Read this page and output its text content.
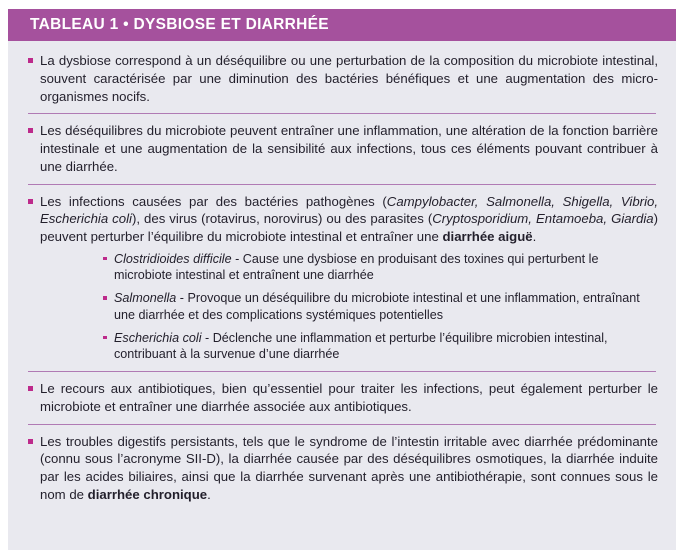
TABLEAU 1 • DYSBIOSE ET DIARRHÉE

La dysbiose correspond à un déséquilibre ou une perturbation de la composition du microbiote intestinal, souvent caractérisée par une diminution des bactéries bénéfiques et une augmentation des micro-organismes nocifs.

Les déséquilibres du microbiote peuvent entraîner une inflammation, une altération de la fonction barrière intestinale et une augmentation de la sensibilité aux infections, tous ces éléments pouvant contribuer à une diarrhée.

Les infections causées par des bactéries pathogènes (Campylobacter, Salmonella, Shigella, Vibrio, Escherichia coli), des virus (rotavirus, norovirus) ou des parasites (Cryptosporidium, Entamoeba, Giardia) peuvent perturber l’équilibre du microbiote intestinal et entraîner une diarrhée aiguë.

Clostridioides difficile - Cause une dysbiose en produisant des toxines qui perturbent le microbiote intestinal et entraînent une diarrhée
Salmonella - Provoque un déséquilibre du microbiote intestinal et une inflammation, entraînant une diarrhée et des complications systémiques potentielles
Escherichia coli - Déclenche une inflammation et perturbe l’équilibre microbien intestinal, contribuant à la survenue d’une diarrhée

Le recours aux antibiotiques, bien qu’essentiel pour traiter les infections, peut également perturber le microbiote et entraîner une diarrhée associée aux antibiotiques.

Les troubles digestifs persistants, tels que le syndrome de l’intestin irritable avec diarrhée prédominante (connu sous l’acronyme SII-D), la diarrhée causée par des déséquilibres osmotiques, la diarrhée induite par les acides biliaires, ainsi que la diarrhée survenant après une antibiothérapie, sont connues sous le nom de diarrhée chronique.
